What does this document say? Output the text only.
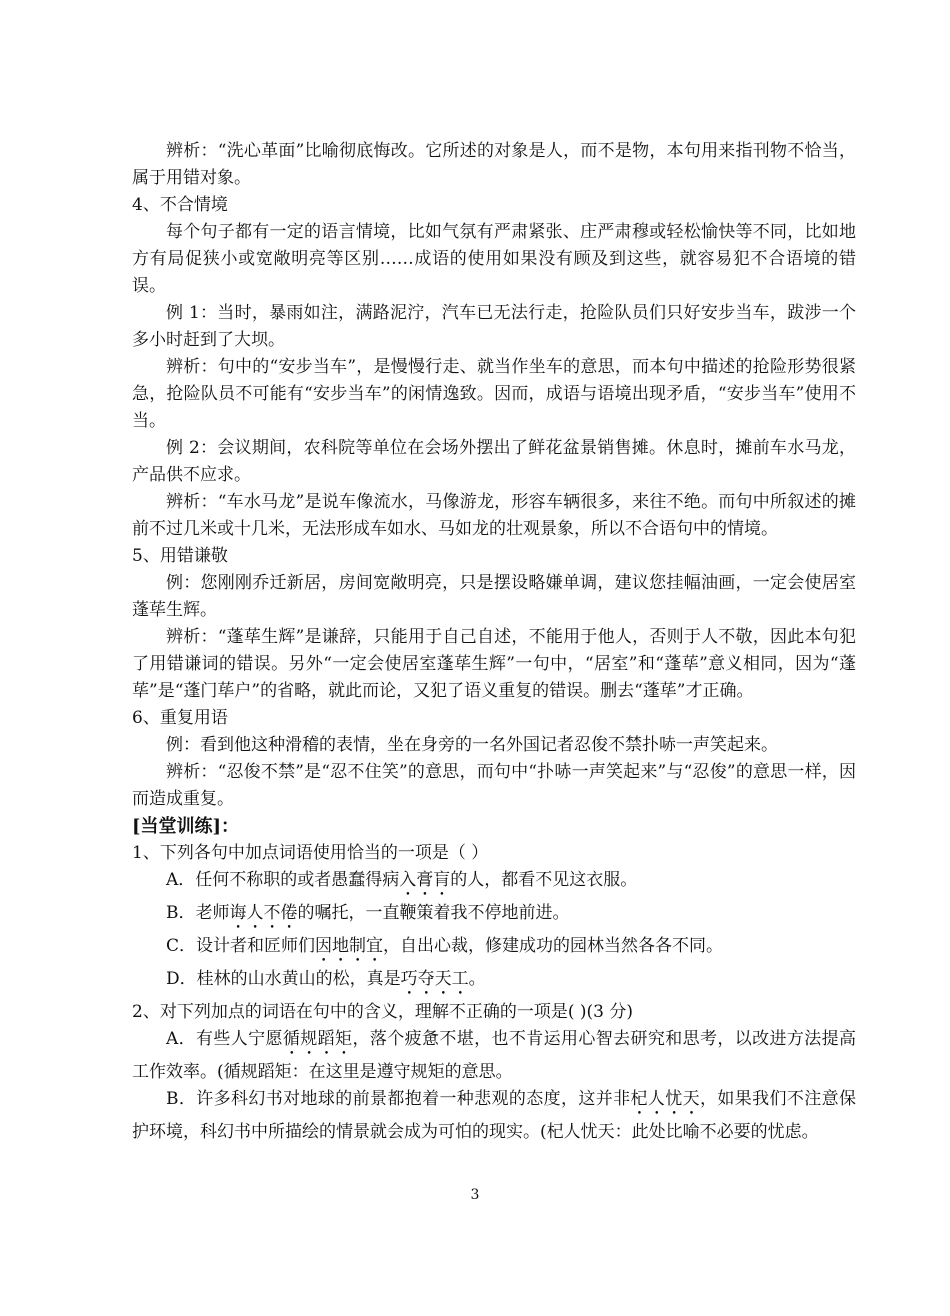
辨析：“洗心革面”比喻彻底悔改。它所述的对象是人，而不是物，本句用来指刊物不恰当，属于用错对象。

4、不合情境

每个句子都有一定的语言情境，比如气氛有严肃紧张、庄严肃穆或轻松愉快等不同，比如地方有局促狭小或宽敞明亮等区别……成语的使用如果没有顾及到这些，就容易犯不合语境的错误。

例 1：当时，暴雨如注，满路泥泞，汽车已无法行走，抢险队员们只好安步当车，跋涉一个多小时赶到了大坝。

辨析：句中的“安步当车”，是慢慢行走、就当作坐车的意思，而本句中描述的抢险形势很紧急，抢险队员不可能有“安步当车”的闲情逸致。因而，成语与语境出现矛盾，“安步当车”使用不当。

例 2：会议期间，农科院等单位在会场外摆出了鲜花盆景销售摊。休息时，摊前车水马龙，产品供不应求。

辨析：“车水马龙”是说车像流水，马像游龙，形容车辆很多，来往不绝。而句中所叙述的摊前不过几米或十几米，无法形成车如水、马如龙的壮观景象，所以不合语句中的情境。

5、用错谦敬

例：您刚刚乔迁新居，房间宽敞明亮，只是摆设略嫌单调，建议您挂幅油画，一定会使居室蓬荜生辉。

辨析：“蓬荜生辉”是谦辞，只能用于自己自述，不能用于他人，否则于人不敬，因此本句犯了用错谦词的错误。另外“一定会使居室蓬荜生辉”一句中，“居室”和“蓬荜”意义相同，因为“蓬荜”是“蓬门荜户”的省略，就此而论，又犯了语义重复的错误。删去“蓬荜”才正确。

6、重复用语

例：看到他这种滑稽的表情，坐在身旁的一名外国记者忍俊不禁扑哧一声笑起来。

辨析：“忍俊不禁”是“忍不住笑”的意思，而句中“扑哧一声笑起来”与“忍俊”的意思一样，因而造成重复。

[当堂训练]：

1、下列各句中加点词语使用恰当的一项是（ ）

A．任何不称职的或者愚蠢得病入膏肓的人，都看不见这衣服。

B．老师诲人不倦的嘱托，一直鞭策着我不停地前进。

C．设计者和匠师们因地制宜，自出心裁，修建成功的园林当然各各不同。

D．桂林的山水黄山的松，真是巧夺天工。

2、对下列加点的词语在句中的含义，理解不正确的一项是( )(3 分)

A．有些人宁愿循规蹈矩，落个疲惫不堪，也不肯运用心智去研究和思考，以改进方法提高工作效率。(循规蹈矩：在这里是遵守规矩的意思。

B．许多科幻书对地球的前景都抱着一种悲观的态度，这并非杞人忧天，如果我们不注意保护环境，科幻书中所描绘的情景就会成为可怕的现实。(杞人忧天：此处比喻不必要的忧虑。

3
